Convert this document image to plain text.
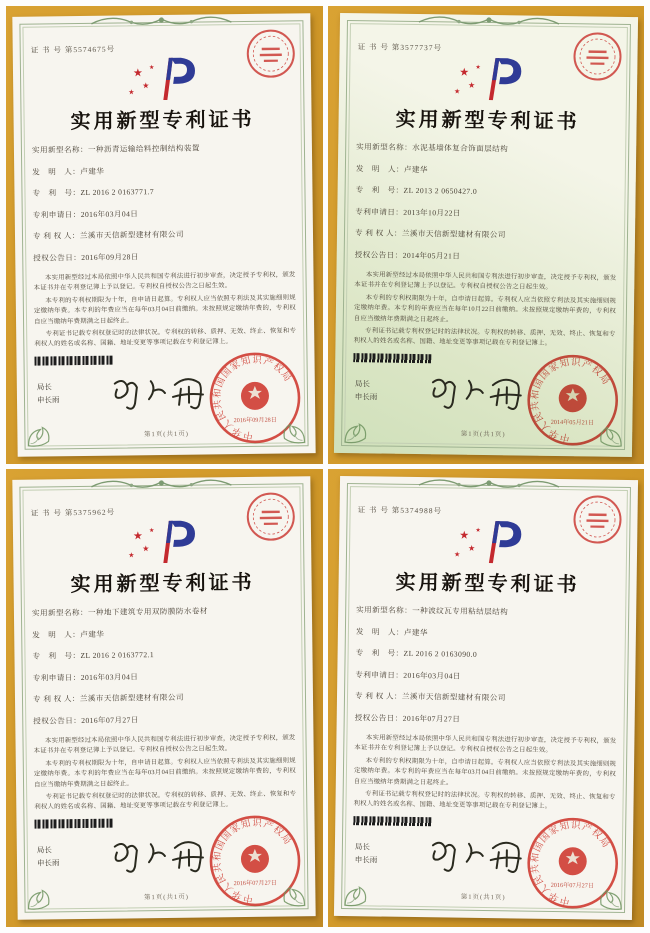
证 书 号 第5574675号
★
★
★
★
实用新型专利证书
实用新型名称：一种沥青运输给料控制结构装置
发　明　人：卢建华
专　利　号：ZL 2016 2 0163771.7
专利申请日：2016年03月04日
专 利 权 人：兰溪市天信新型建材有限公司
授权公告日：2016年09月28日

本实用新型经过本局依照中华人民共和国专利法进行初步审查，决定授予专利权，颁发本证书并在专利登记簿上予以登记。专利权自授权公告之日起生效。

本专利的专利权期限为十年，自申请日起算。专利权人应当依照专利法及其实施细则规定缴纳年费。本专利的年费应当在每年03月04日前缴纳。未按照规定缴纳年费的，专利权自应当缴纳年费期满之日起终止。

专利证书记载专利权登记时的法律状况。专利权的转移、质押、无效、终止、恢复和专利权人的姓名或名称、国籍、地址变更等事项记载在专利登记簿上。

局长
申长雨
中华人民共和国国家知识产权局
2016年09月28日
第1页(共1页)
证 书 号 第3577737号
★
★
★
★
实用新型专利证书
实用新型名称：水泥基墙体复合饰面层结构
发　明　人：卢建华
专　利　号：ZL 2013 2 0650427.0
专利申请日：2013年10月22日
专 利 权 人：兰溪市天信新型建材有限公司
授权公告日：2014年05月21日

本实用新型经过本局依照中华人民共和国专利法进行初步审查，决定授予专利权，颁发本证书并在专利登记簿上予以登记。专利权自授权公告之日起生效。

本专利的专利权期限为十年，自申请日起算。专利权人应当依照专利法及其实施细则规定缴纳年费。本专利的年费应当在每年10月22日前缴纳。未按照规定缴纳年费的，专利权自应当缴纳年费期满之日起终止。

专利证书记载专利权登记时的法律状况。专利权的转移、质押、无效、终止、恢复和专利权人的姓名或名称、国籍、地址变更等事项记载在专利登记簿上。

局长
申长雨
中华人民共和国国家知识产权局
2014年05月21日
第1页(共1页)
证 书 号 第5375962号
★
★
★
★
实用新型专利证书
实用新型名称：一种地下建筑专用双防膜防水卷材
发　明　人：卢建华
专　利　号：ZL 2016 2 0163772.1
专利申请日：2016年03月04日
专 利 权 人：兰溪市天信新型建材有限公司
授权公告日：2016年07月27日

本实用新型经过本局依照中华人民共和国专利法进行初步审查，决定授予专利权，颁发本证书并在专利登记簿上予以登记。专利权自授权公告之日起生效。

本专利的专利权期限为十年，自申请日起算。专利权人应当依照专利法及其实施细则规定缴纳年费。本专利的年费应当在每年03月04日前缴纳。未按照规定缴纳年费的，专利权自应当缴纳年费期满之日起终止。

专利证书记载专利权登记时的法律状况。专利权的转移、质押、无效、终止、恢复和专利权人的姓名或名称、国籍、地址变更等事项记载在专利登记簿上。

局长
申长雨
中华人民共和国国家知识产权局
2016年07月27日
第1页(共1页)
证 书 号 第5374988号
★
★
★
★
实用新型专利证书
实用新型名称：一种波纹瓦专用粘结层结构
发　明　人：卢建华
专　利　号：ZL 2016 2 0163090.0
专利申请日：2016年03月04日
专 利 权 人：兰溪市天信新型建材有限公司
授权公告日：2016年07月27日

本实用新型经过本局依照中华人民共和国专利法进行初步审查，决定授予专利权，颁发本证书并在专利登记簿上予以登记。专利权自授权公告之日起生效。

本专利的专利权期限为十年，自申请日起算。专利权人应当依照专利法及其实施细则规定缴纳年费。本专利的年费应当在每年03月04日前缴纳。未按照规定缴纳年费的，专利权自应当缴纳年费期满之日起终止。

专利证书记载专利权登记时的法律状况。专利权的转移、质押、无效、终止、恢复和专利权人的姓名或名称、国籍、地址变更等事项记载在专利登记簿上。

局长
申长雨
中华人民共和国国家知识产权局
2016年07月27日
第1页(共1页)
